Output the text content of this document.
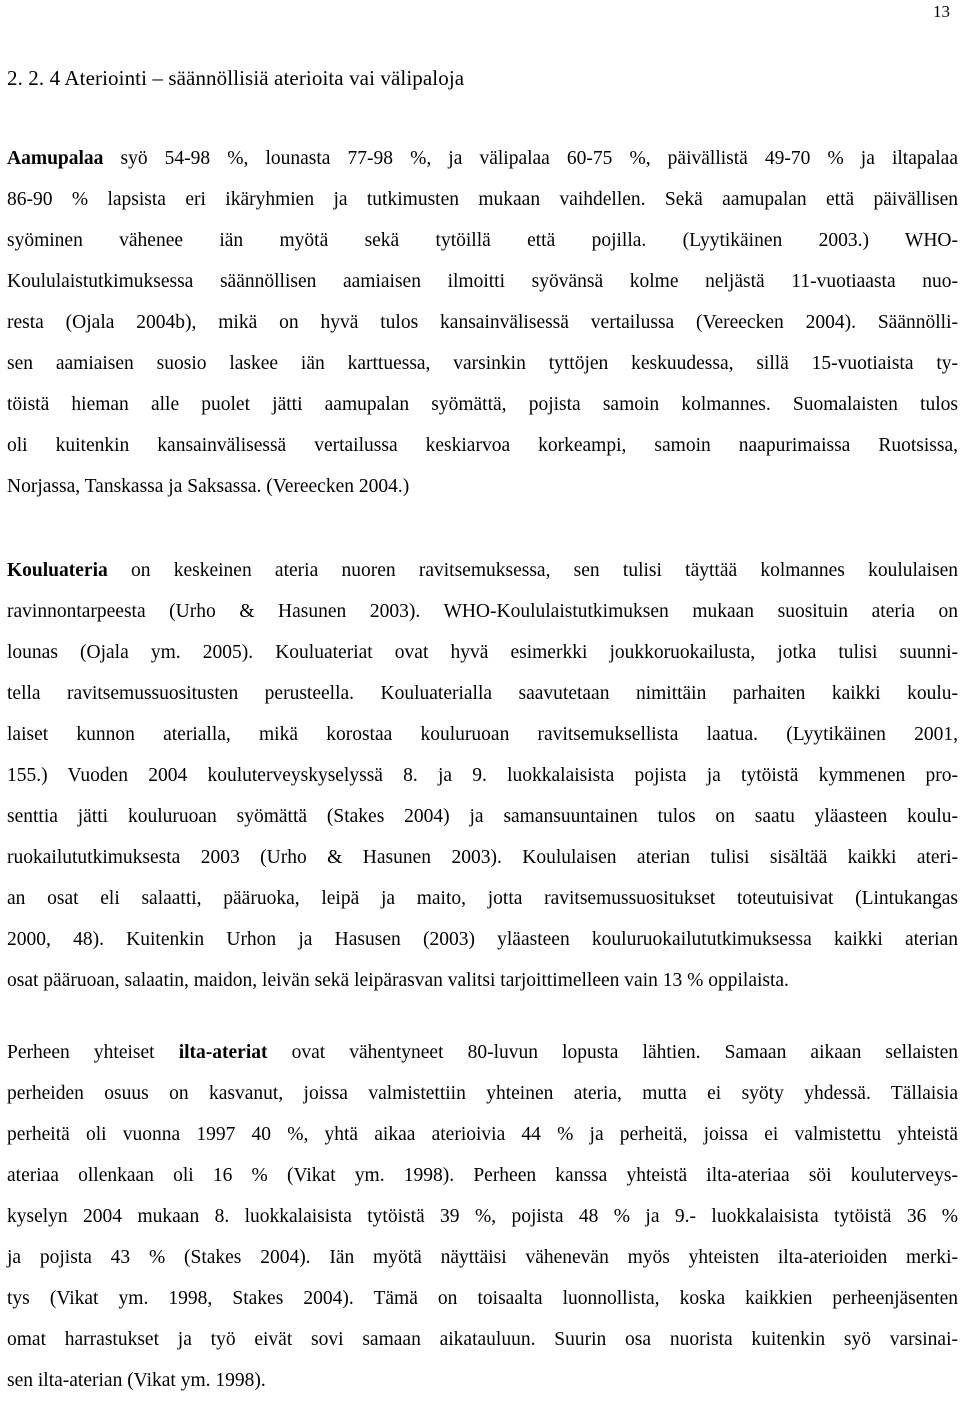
13
2. 2. 4 Ateriointi – säännöllisiä aterioita vai välipaloja
Aamupalaa syö 54-98 %, lounasta 77-98 %, ja välipalaa 60-75 %, päivällistä 49-70 % ja iltapalaa
86-90 % lapsista eri ikäryhmien ja tutkimusten mukaan vaihdellen. Sekä aamupalan että päivällisen
syöminen vähenee iän myötä sekä tytöillä että pojilla. (Lyytikäinen 2003.) WHO-
Koululaistutkimuksessa säännöllisen aamiaisen ilmoitti syövänsä kolme neljästä 11-vuotiaasta nuo-
resta (Ojala 2004b), mikä on hyvä tulos kansainvälisessä vertailussa (Vereecken 2004). Säännölli-
sen aamiaisen suosio laskee iän karttuessa, varsinkin tyttöjen keskuudessa, sillä 15-vuotiaista ty-
töistä hieman alle puolet jätti aamupalan syömättä, pojista samoin kolmannes. Suomalaisten tulos
oli kuitenkin kansainvälisessä vertailussa keskiarvoa korkeampi, samoin naapurimaissa Ruotsissa,
Norjassa, Tanskassa ja Saksassa. (Vereecken 2004.)
Kouluateria on keskeinen ateria nuoren ravitsemuksessa, sen tulisi täyttää kolmannes koululaisen
ravinnontarpeesta (Urho & Hasunen 2003). WHO-Koululaistutkimuksen mukaan suosituin ateria on
lounas (Ojala ym. 2005). Kouluateriat ovat hyvä esimerkki joukkoruokailusta, jotka tulisi suunni-
tella ravitsemussuositusten perusteella. Kouluaterialla saavutetaan nimittäin parhaiten kaikki koulu-
laiset kunnon aterialla, mikä korostaa kouluruoan ravitsemuksellista laatua. (Lyytikäinen 2001,
155.) Vuoden 2004 kouluterveyskyselyssä 8. ja 9. luokkalaisista pojista ja tytöistä kymmenen pro-
senttia jätti kouluruoan syömättä (Stakes 2004) ja samansuuntainen tulos on saatu yläasteen koulu-
ruokailututkimuksesta 2003 (Urho & Hasunen 2003). Koululaisen aterian tulisi sisältää kaikki ateri-
an osat eli salaatti, pääruoka, leipä ja maito, jotta ravitsemussuositukset toteutuisivat (Lintukangas
2000, 48). Kuitenkin Urhon ja Hasusen (2003) yläasteen kouluruokailututkimuksessa kaikki aterian
osat pääruoan, salaatin, maidon, leivän sekä leipärasvan valitsi tarjoittimelleen vain 13 % oppilaista.
Perheen yhteiset ilta-ateriat ovat vähentyneet 80-luvun lopusta lähtien. Samaan aikaan sellaisten
perheiden osuus on kasvanut, joissa valmistettiin yhteinen ateria, mutta ei syöty yhdessä. Tällaisia
perheitä oli vuonna 1997 40 %, yhtä aikaa aterioivia 44 % ja perheitä, joissa ei valmistettu yhteistä
ateriaa ollenkaan oli 16 % (Vikat ym. 1998). Perheen kanssa yhteistä ilta-ateriaa söi kouluterveys-
kyselyn 2004 mukaan 8. luokkalaisista tytöistä 39 %, pojista 48 % ja 9.- luokkalaisista tytöistä 36 %
ja pojista 43 % (Stakes 2004). Iän myötä näyttäisi vähenevän myös yhteisten ilta-aterioiden merki-
tys (Vikat ym. 1998, Stakes 2004). Tämä on toisaalta luonnollista, koska kaikkien perheenjäsenten
omat harrastukset ja työ eivät sovi samaan aikatauluun. Suurin osa nuorista kuitenkin syö varsinai-
sen ilta-aterian (Vikat ym. 1998).
